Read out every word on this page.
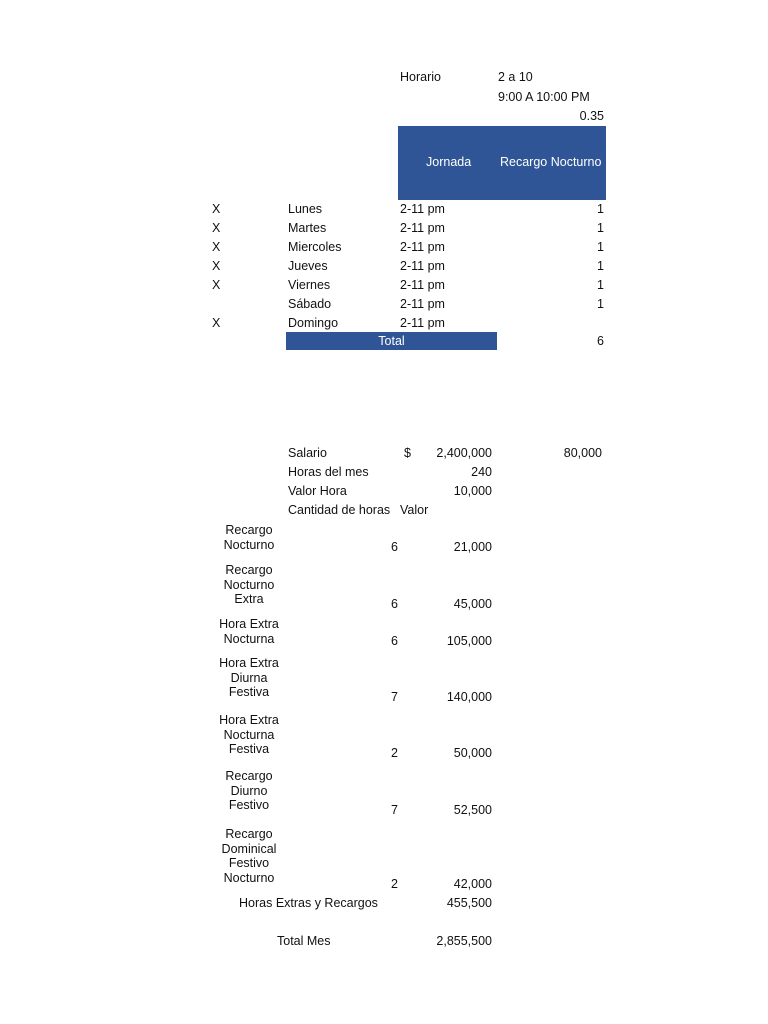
Horario	2 a 10
9:00 A 10:00 PM
0.35
Jornada Recargo Nocturno
X	Lunes	2-11 pm	1
X	Martes	2-11 pm	1
X	Miercoles	2-11 pm	1
X	Jueves	2-11 pm	1
X	Viernes	2-11 pm	1
Sábado	2-11 pm	1
X	Domingo	2-11 pm
Total	6
Salario	$	2,400,000	80,000
Horas del mes	240
Valor Hora	10,000
Cantidad de horas Valor
Recargo
Nocturno	6	21,000
Recargo
Nocturno
Extra	6	45,000
Hora Extra
Nocturna	6	105,000
Hora Extra
Diurna
Festiva	7	140,000
Hora Extra
Nocturna
Festiva	2	50,000
Recargo
Diurno
Festivo	7	52,500
Recargo
Dominical
Festivo
Nocturno	2	42,000
Horas Extras y Recargos	455,500
Total Mes	2,855,500
